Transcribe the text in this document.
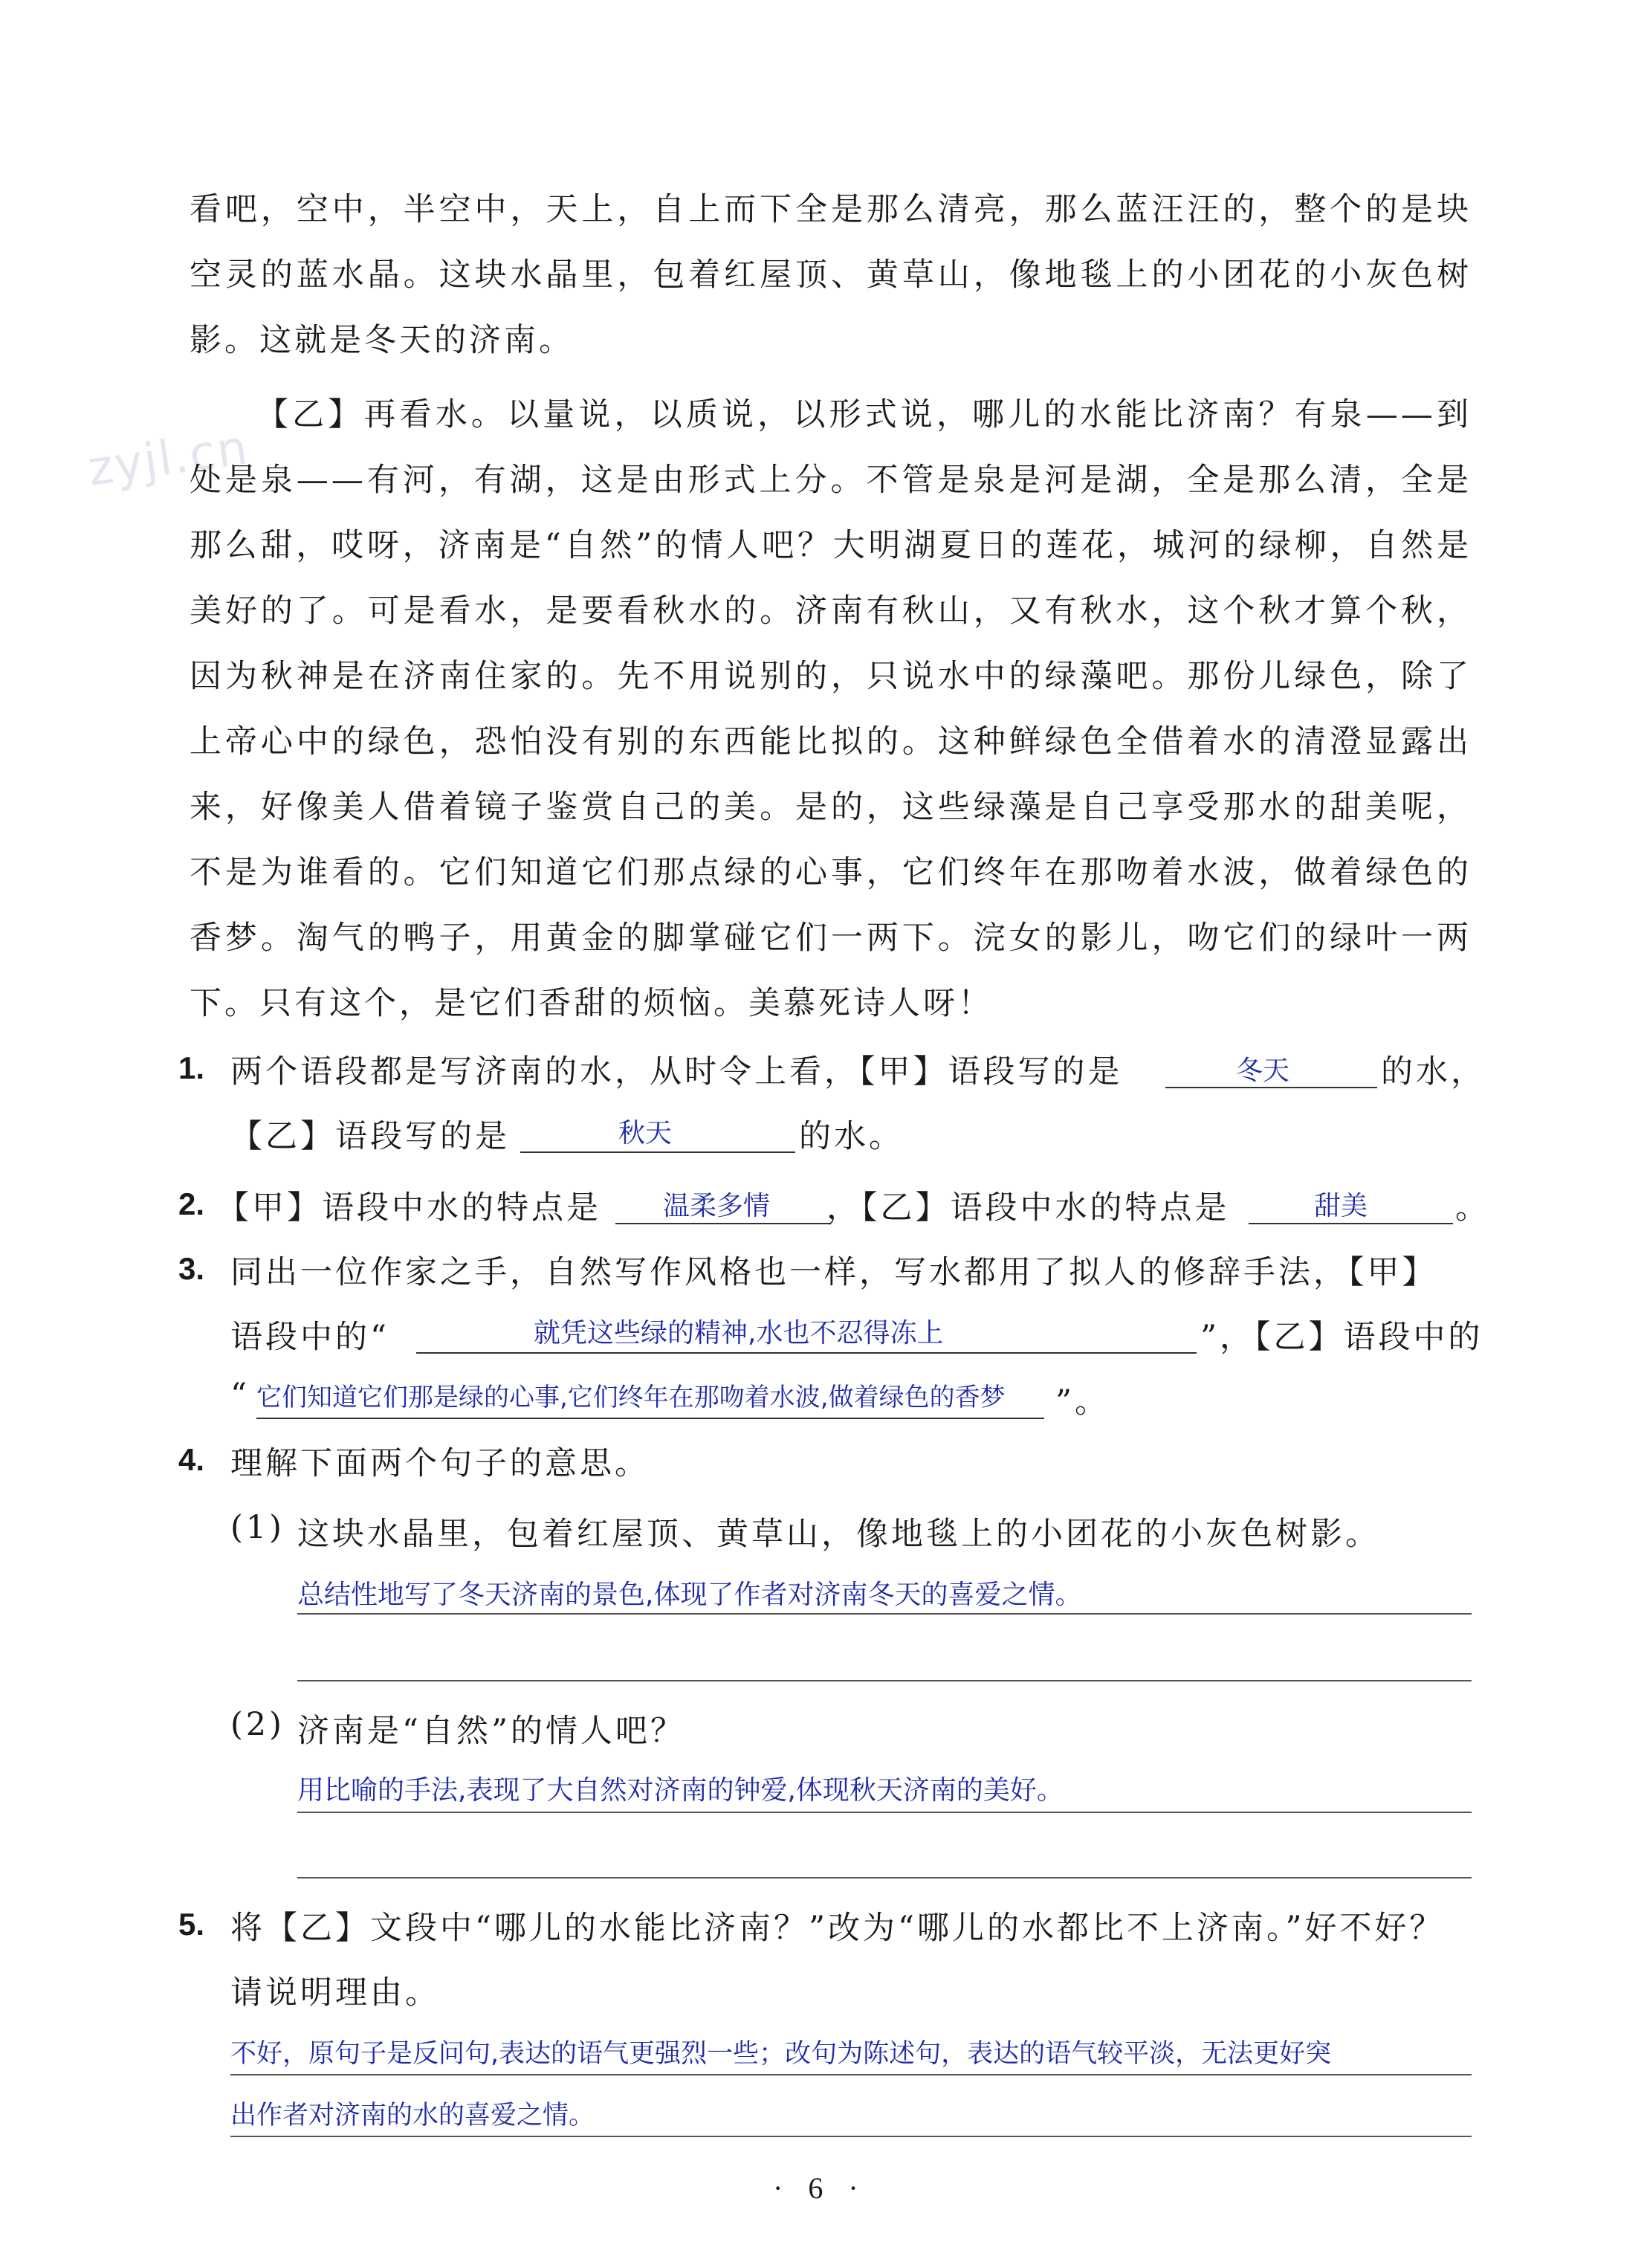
zyjl.cn
看吧，空中，半空中，天上，自上而下全是那么清亮，那么蓝汪汪的，整个的是块空灵的蓝水晶。这块水晶里，包着红屋顶、黄草山，像地毯上的小团花的小灰色树影。这就是冬天的济南。
【乙】再看水。以量说，以质说，以形式说，哪儿的水能比济南？有泉——到处是泉——有河，有湖，这是由形式上分。不管是泉是河是湖，全是那么清，全是那么甜，哎呀，济南是“自然”的情人吧？大明湖夏日的莲花，城河的绿柳，自然是美好的了。可是看水，是要看秋水的。济南有秋山，又有秋水，这个秋才算个秋，因为秋神是在济南住家的。先不用说别的，只说水中的绿藻吧。那份儿绿色，除了上帝心中的绿色，恐怕没有别的东西能比拟的。这种鲜绿色全借着水的清澄显露出来，好像美人借着镜子鉴赏自己的美。是的，这些绿藻是自己享受那水的甜美呢，不是为谁看的。它们知道它们那点绿的心事，它们终年在那吻着水波，做着绿色的香梦。淘气的鸭子，用黄金的脚掌碰它们一两下。浣女的影儿，吻它们的绿叶一两下。只有这个，是它们香甜的烦恼。美慕死诗人呀！
1. 两个语段都是写济南的水，从时令上看，【甲】语段写的是	冬天	的水，
【乙】语段写的是	秋天	的水。
2. 【甲】语段中水的特点是 温柔多情 ，【乙】语段中水的特点是	甜美	。
3. 同出一位作家之手，自然写作风格也一样，写水都用了拟人的修辞手法，【甲】
语段中的“	就凭这些绿的精神,水也不忍得冻上	”，【乙】语段中的
“ 它们知道它们那是绿的心事,它们终年在那吻着水波,做着绿色的香梦 ”。
4. 理解下面两个句子的意思。
(1) 这块水晶里，包着红屋顶、黄草山，像地毯上的小团花的小灰色树影。
总结性地写了冬天济南的景色,体现了作者对济南冬天的喜爱之情。
(2) 济南是“自然”的情人吧？
用比喻的手法,表现了大自然对济南的钟爱,体现秋天济南的美好。
5. 将【乙】文段中“哪儿的水能比济南？”改为“哪儿的水都比不上济南。”好不好？
请说明理由。
不好，原句子是反问句,表达的语气更强烈一些；改句为陈述句，表达的语气较平淡，无法更好突
出作者对济南的水的喜爱之情。
· 6 ·
